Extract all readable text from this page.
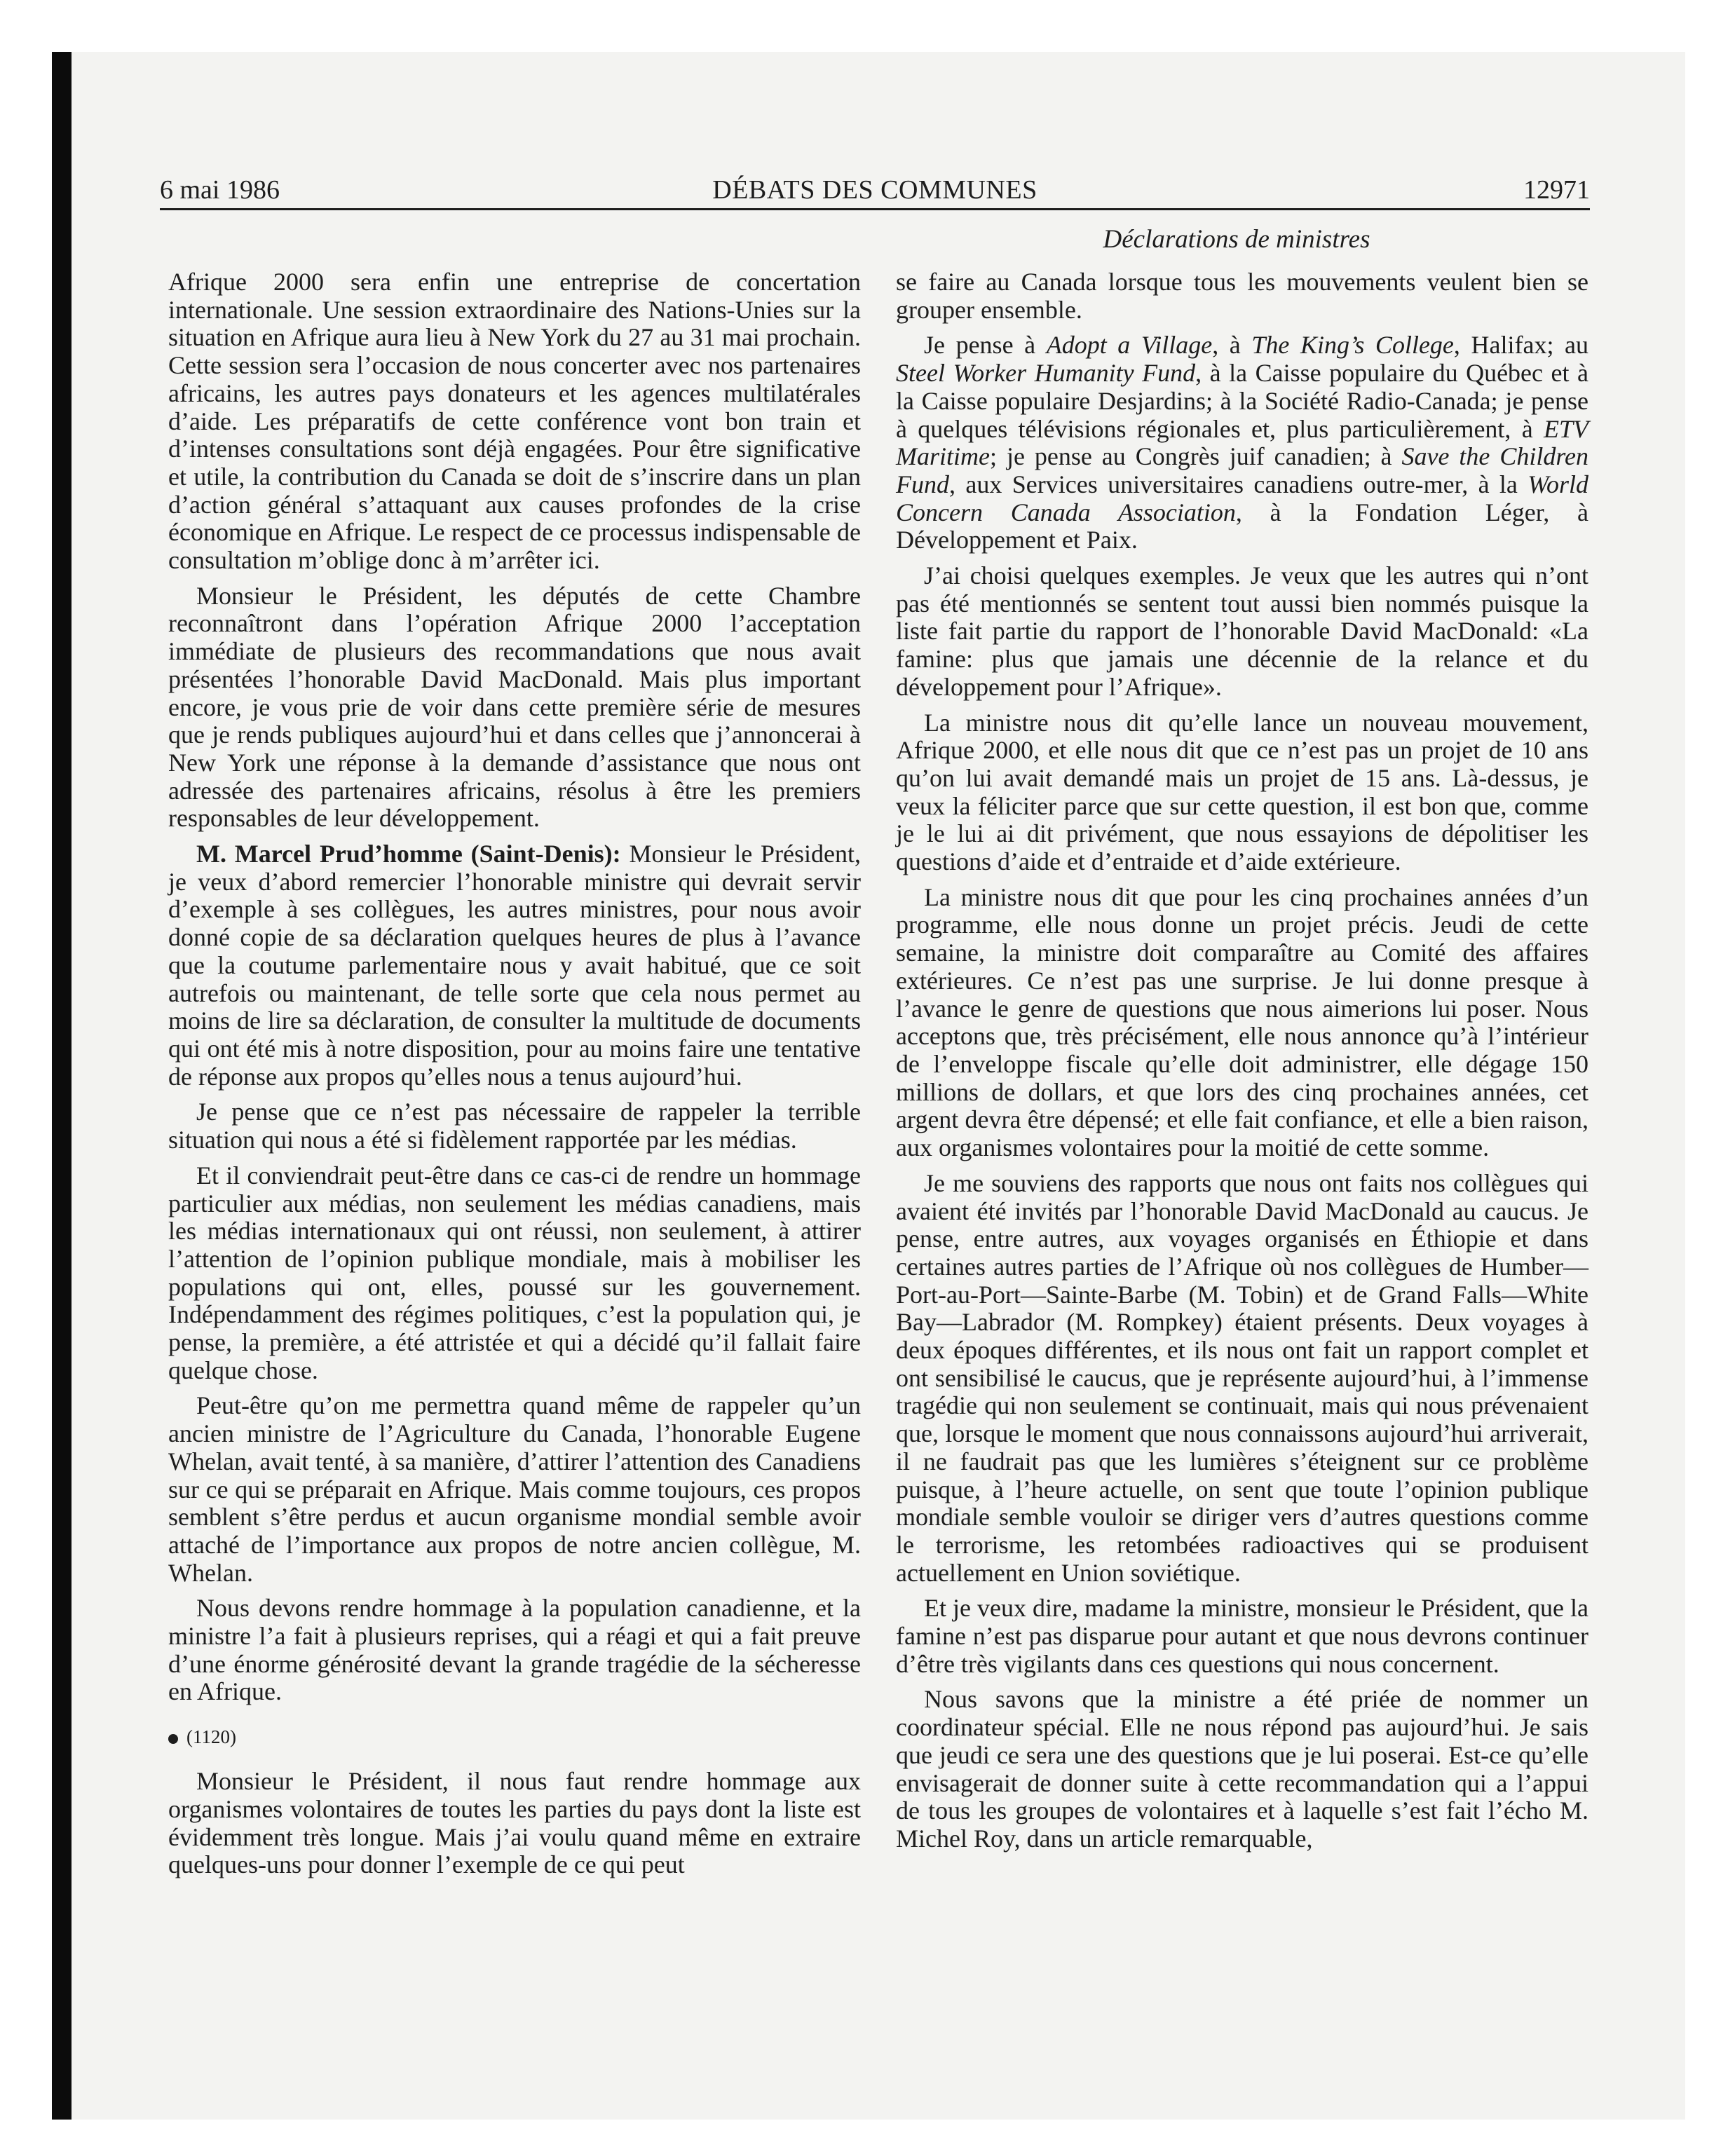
6 mai 1986	DÉBATS DES COMMUNES	12971
Déclarations de ministres

Afrique 2000 sera enfin une entreprise de concertation internationale. Une session extraordinaire des Nations-Unies sur la situation en Afrique aura lieu à New York du 27 au 31 mai prochain. Cette session sera l’occasion de nous concerter avec nos partenaires africains, les autres pays donateurs et les agences multilatérales d’aide. Les préparatifs de cette conférence vont bon train et d’intenses consultations sont déjà engagées. Pour être significative et utile, la contribution du Canada se doit de s’inscrire dans un plan d’action général s’attaquant aux causes profondes de la crise économique en Afrique. Le respect de ce processus indispensable de consultation m’oblige donc à m’arrêter ici.

Monsieur le Président, les députés de cette Chambre reconnaîtront dans l’opération Afrique 2000 l’acceptation immédiate de plusieurs des recommandations que nous avait présentées l’honorable David MacDonald. Mais plus important encore, je vous prie de voir dans cette première série de mesures que je rends publiques aujourd’hui et dans celles que j’annoncerai à New York une réponse à la demande d’assistance que nous ont adressée des partenaires africains, résolus à être les premiers responsables de leur développement.

M. Marcel Prud’homme (Saint-Denis): Monsieur le Président, je veux d’abord remercier l’honorable ministre qui devrait servir d’exemple à ses collègues, les autres ministres, pour nous avoir donné copie de sa déclaration quelques heures de plus à l’avance que la coutume parlementaire nous y avait habitué, que ce soit autrefois ou maintenant, de telle sorte que cela nous permet au moins de lire sa déclaration, de consulter la multitude de documents qui ont été mis à notre disposition, pour au moins faire une tentative de réponse aux propos qu’elles nous a tenus aujourd’hui.

Je pense que ce n’est pas nécessaire de rappeler la terrible situation qui nous a été si fidèlement rapportée par les médias.

Et il conviendrait peut-être dans ce cas-ci de rendre un hommage particulier aux médias, non seulement les médias canadiens, mais les médias internationaux qui ont réussi, non seulement, à attirer l’attention de l’opinion publique mondiale, mais à mobiliser les populations qui ont, elles, poussé sur les gouvernement. Indépendamment des régimes politiques, c’est la population qui, je pense, la première, a été attristée et qui a décidé qu’il fallait faire quelque chose.

Peut-être qu’on me permettra quand même de rappeler qu’un ancien ministre de l’Agriculture du Canada, l’honorable Eugene Whelan, avait tenté, à sa manière, d’attirer l’attention des Canadiens sur ce qui se préparait en Afrique. Mais comme toujours, ces propos semblent s’être perdus et aucun organisme mondial semble avoir attaché de l’importance aux propos de notre ancien collègue, M. Whelan.

Nous devons rendre hommage à la population canadienne, et la ministre l’a fait à plusieurs reprises, qui a réagi et qui a fait preuve d’une énorme générosité devant la grande tragédie de la sécheresse en Afrique.

(1120)

Monsieur le Président, il nous faut rendre hommage aux organismes volontaires de toutes les parties du pays dont la liste est évidemment très longue. Mais j’ai voulu quand même en extraire quelques-uns pour donner l’exemple de ce qui peut

se faire au Canada lorsque tous les mouvements veulent bien se grouper ensemble.

Je pense à Adopt a Village, à The King’s College, Halifax; au Steel Worker Humanity Fund, à la Caisse populaire du Québec et à la Caisse populaire Desjardins; à la Société Radio-Canada; je pense à quelques télévisions régionales et, plus particulièrement, à ETV Maritime; je pense au Congrès juif canadien; à Save the Children Fund, aux Services universitaires canadiens outre-mer, à la World Concern Canada Association, à la Fondation Léger, à Développement et Paix.

J’ai choisi quelques exemples. Je veux que les autres qui n’ont pas été mentionnés se sentent tout aussi bien nommés puisque la liste fait partie du rapport de l’honorable David MacDonald: «La famine: plus que jamais une décennie de la relance et du développement pour l’Afrique».

La ministre nous dit qu’elle lance un nouveau mouvement, Afrique 2000, et elle nous dit que ce n’est pas un projet de 10 ans qu’on lui avait demandé mais un projet de 15 ans. Là-dessus, je veux la féliciter parce que sur cette question, il est bon que, comme je le lui ai dit privément, que nous essayions de dépolitiser les questions d’aide et d’entraide et d’aide extérieure.

La ministre nous dit que pour les cinq prochaines années d’un programme, elle nous donne un projet précis. Jeudi de cette semaine, la ministre doit comparaître au Comité des affaires extérieures. Ce n’est pas une surprise. Je lui donne presque à l’avance le genre de questions que nous aimerions lui poser. Nous acceptons que, très précisément, elle nous annonce qu’à l’intérieur de l’enveloppe fiscale qu’elle doit administrer, elle dégage 150 millions de dollars, et que lors des cinq prochaines années, cet argent devra être dépensé; et elle fait confiance, et elle a bien raison, aux organismes volontaires pour la moitié de cette somme.

Je me souviens des rapports que nous ont faits nos collègues qui avaient été invités par l’honorable David MacDonald au caucus. Je pense, entre autres, aux voyages organisés en Éthiopie et dans certaines autres parties de l’Afrique où nos collègues de Humber—Port-au-Port—Sainte-Barbe (M. Tobin) et de Grand Falls—White Bay—Labrador (M. Rompkey) étaient présents. Deux voyages à deux époques différentes, et ils nous ont fait un rapport complet et ont sensibilisé le caucus, que je représente aujourd’hui, à l’immense tragédie qui non seulement se continuait, mais qui nous prévenaient que, lorsque le moment que nous connaissons aujourd’hui arriverait, il ne faudrait pas que les lumières s’éteignent sur ce problème puisque, à l’heure actuelle, on sent que toute l’opinion publique mondiale semble vouloir se diriger vers d’autres questions comme le terrorisme, les retombées radioactives qui se produisent actuellement en Union soviétique.

Et je veux dire, madame la ministre, monsieur le Président, que la famine n’est pas disparue pour autant et que nous devrons continuer d’être très vigilants dans ces questions qui nous concernent.

Nous savons que la ministre a été priée de nommer un coordinateur spécial. Elle ne nous répond pas aujourd’hui. Je sais que jeudi ce sera une des questions que je lui poserai. Est-ce qu’elle envisagerait de donner suite à cette recommandation qui a l’appui de tous les groupes de volontaires et à laquelle s’est fait l’écho M. Michel Roy, dans un article remarquable,
